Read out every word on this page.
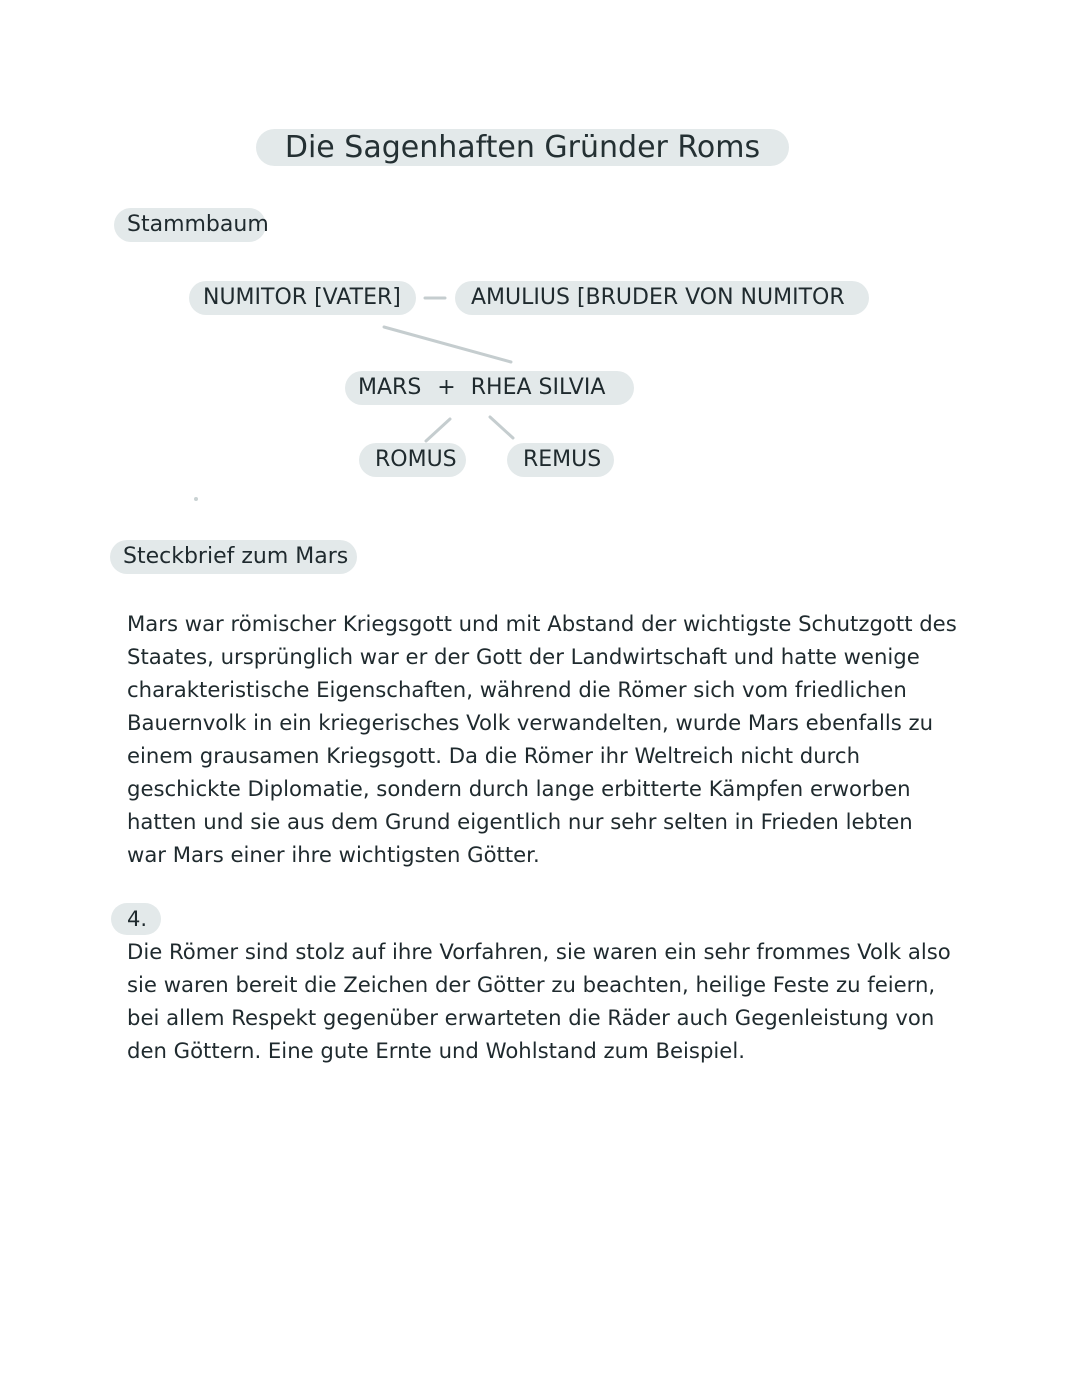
Die Sagenhaften Gründer Roms
Stammbaum
NUMITOR [VATER]	AMULIUS [BRUDER VON NUMITOR
MARS + RHEA SILVIA
ROMUS	REMUS
Steckbrief zum Mars
Mars war römischer Kriegsgott und mit Abstand der wichtigste Schutzgott des Staates, ursprünglich war er der Gott der Landwirtschaft und hatte wenige charakteristische Eigenschaften, während die Römer sich vom friedlichen Bauernvolk in ein kriegerisches Volk verwandelten, wurde Mars ebenfalls zu einem grausamen Kriegsgott. Da die Römer ihr Weltreich nicht durch geschickte Diplomatie, sondern durch lange erbitterte Kämpfen erworben hatten und sie aus dem Grund eigentlich nur sehr selten in Frieden lebten war Mars einer ihre wichtigsten Götter.
4.
Die Römer sind stolz auf ihre Vorfahren, sie waren ein sehr frommes Volk also sie waren bereit die Zeichen der Götter zu beachten, heilige Feste zu feiern, bei allem Respekt gegenüber erwarteten die Räder auch Gegenleistung von den Göttern. Eine gute Ernte und Wohlstand zum Beispiel.
